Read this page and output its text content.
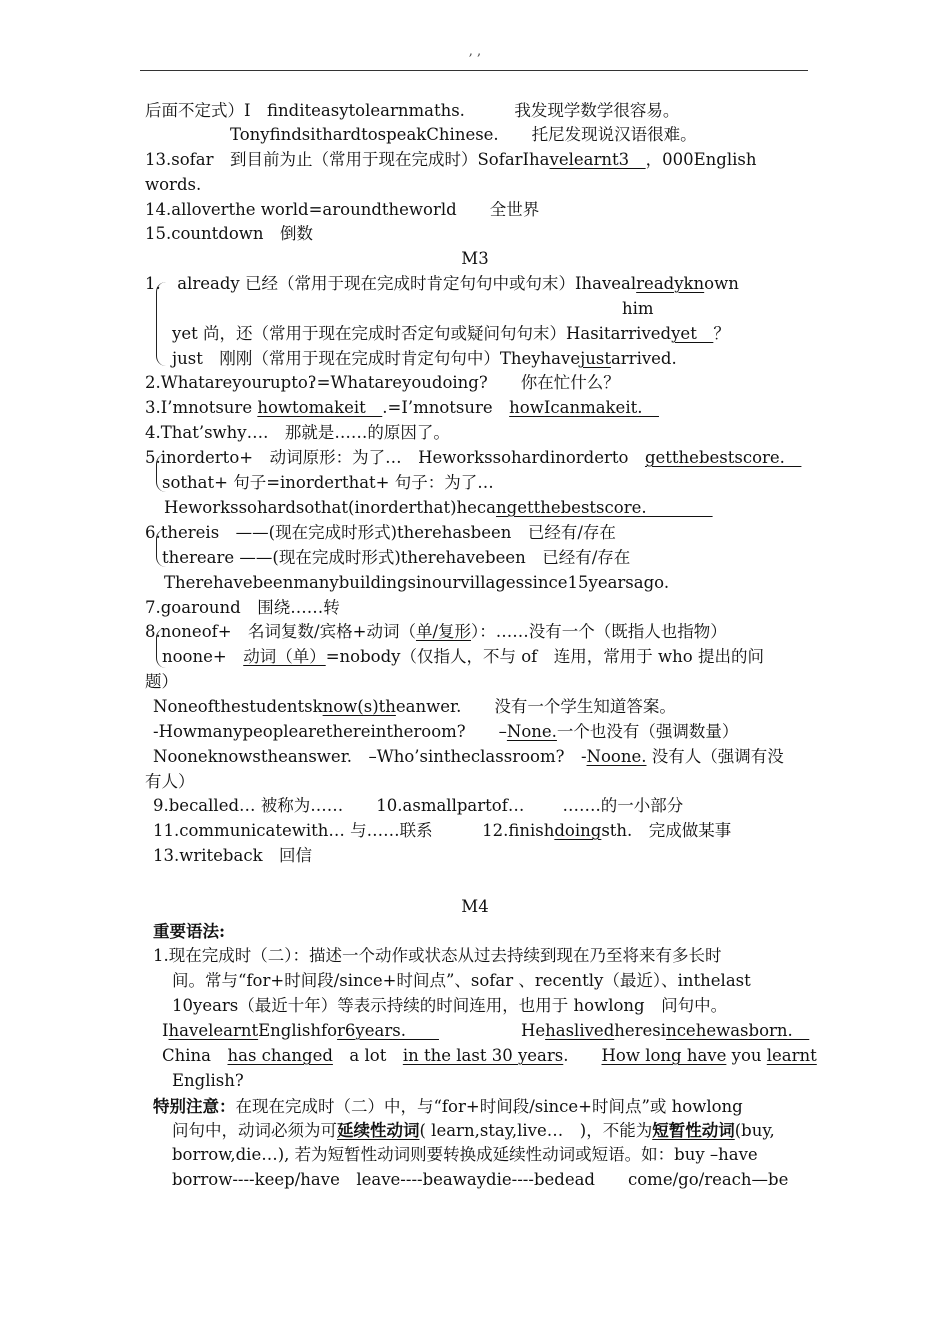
, ,
后面不定式）I　finditeasytolearnmaths.　　　我发现学数学很容易。
TonyfindsithardtospeakChinese.　　托尼发现说汉语很难。
13.sofar　到目前为止（常用于现在完成时）SofarIhavelearnt3　，000English
words.
14.alloverthe world=aroundtheworld　　全世界
15.countdown　倒数
M3
1.　already 已经（常用于现在完成时肯定句句中或句末）Ihavealreadyknown
him
yet 尚，还（常用于现在完成时否定句或疑问句句末）Hasitarrivedyet　？
just　刚刚（常用于现在完成时肯定句句中）Theyhavejustarrived.
2.Whatareyouruptoʔ=Whatareyoudoing?　　你在忙什么？
3.I’mnotsure howtomakeit　.=I’mnotsure　howIcanmakeit.　
4.That’swhy….　那就是……的原因了。
5.inorderto+　动词原形：为了…　Heworkssohardinorderto　getthebestscore.　
sothat+ 句子=inorderthat+ 句子：为了…
Heworkssohardsothat(inorderthat)hecangetthebestscore.　　　　
6.thereis　——(现在完成时形式)therehasbeen　已经有/存在
thereare ——(现在完成时形式)therehavebeen　已经有/存在
Therehavebeenmanybuildingsinourvillagessince15yearsago.
7.goaround　围绕……转
8.noneof+　名词复数/宾格+动词（单/复形）：……没有一个（既指人也指物）
noone+　动词（单）=nobody（仅指人，不与 of　连用，常用于 who 提出的问
题）
Noneofthestudentsknow(s)theanwer.　　没有一个学生知道答案。
-Howmanypeoplearethereintheroom?　　–None.一个也没有（强调数量）
Nooneknowstheanswer.　–Who’sintheclassroom?　-Noone. 没有人（强调有没
有人）
9.becalled… 被称为……　　10.asmallpartof…　　 …….的一小部分
11.communicatewith… 与……联系　　　12.finishdoingsth.　完成做某事
13.writeback　回信
M4
重要语法:
1.现在完成时（二）：描述一个动作或状态从过去持续到现在乃至将来有多长时
间。常与“for+时间段/since+时间点”、sofar 、recently（最近）、inthelast
10years（最近十年）等表示持续的时间连用，也用于 howlong　问句中。
IhavelearntEnglishfor6years.　　	Hehaslivedheresincehewasborn.　
China　has changed　a lot　in the last 30 years.　　How long have you learnt
English?
特别注意：在现在完成时（二）中，与“for+时间段/since+时间点”或 howlong
问句中，动词必须为可延续性动词( learn,stay,live…　)，不能为短暂性动词(buy,
borrow,die…), 若为短暂性动词则要转换成延续性动词或短语。如：buy –have
borrow----keep/have　leave----beawaydie----bedead　　come/go/reach—be
